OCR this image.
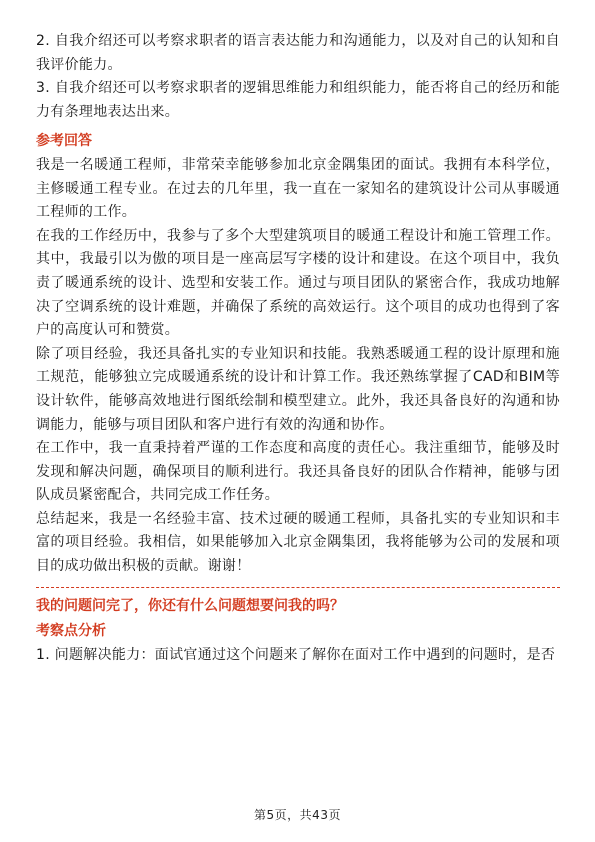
2. 自我介绍还可以考察求职者的语言表达能力和沟通能力，以及对自己的认知和自我评价能力。

3. 自我介绍还可以考察求职者的逻辑思维能力和组织能力，能否将自己的经历和能力有条理地表达出来。

参考回答

我是一名暖通工程师，非常荣幸能够参加北京金隅集团的面试。我拥有本科学位，主修暖通工程专业。在过去的几年里，我一直在一家知名的建筑设计公司从事暖通工程师的工作。

在我的工作经历中，我参与了多个大型建筑项目的暖通工程设计和施工管理工作。其中，我最引以为傲的项目是一座高层写字楼的设计和建设。在这个项目中，我负责了暖通系统的设计、选型和安装工作。通过与项目团队的紧密合作，我成功地解决了空调系统的设计难题，并确保了系统的高效运行。这个项目的成功也得到了客户的高度认可和赞赏。

除了项目经验，我还具备扎实的专业知识和技能。我熟悉暖通工程的设计原理和施工规范，能够独立完成暖通系统的设计和计算工作。我还熟练掌握了CAD和BIM等设计软件，能够高效地进行图纸绘制和模型建立。此外，我还具备良好的沟通和协调能力，能够与项目团队和客户进行有效的沟通和协作。

在工作中，我一直秉持着严谨的工作态度和高度的责任心。我注重细节，能够及时发现和解决问题，确保项目的顺利进行。我还具备良好的团队合作精神，能够与团队成员紧密配合，共同完成工作任务。

总结起来，我是一名经验丰富、技术过硬的暖通工程师，具备扎实的专业知识和丰富的项目经验。我相信，如果能够加入北京金隅集团，我将能够为公司的发展和项目的成功做出积极的贡献。谢谢！

我的问题问完了，你还有什么问题想要问我的吗？

考察点分析

1. 问题解决能力：面试官通过这个问题来了解你在面对工作中遇到的问题时，是否

第5页，共43页
